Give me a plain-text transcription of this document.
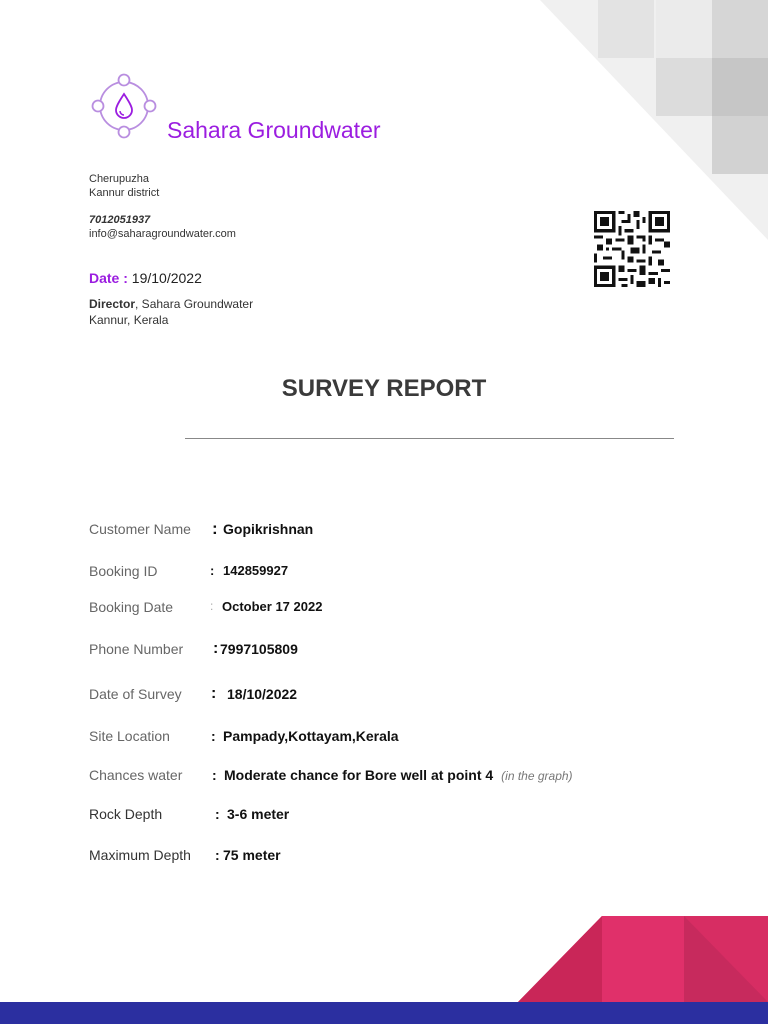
Sahara Groundwater
Cherupuzha
Kannur district
7012051937
info@saharagroundwater.com
Date : 19/10/2022
Director, Sahara Groundwater
Kannur, Kerala
SURVEY REPORT
Customer Name : Gopikrishnan
Booking ID	: 142859927
Booking Date	: October 17 2022
Phone Number : 7997105809
Date of Survey : 18/10/2022
Site Location	: Pampady,Kottayam,Kerala
Chances water : Moderate chance for Bore well at point 4 (in the graph)
Rock Depth	: 3-6 meter
Maximum Depth : 75 meter
